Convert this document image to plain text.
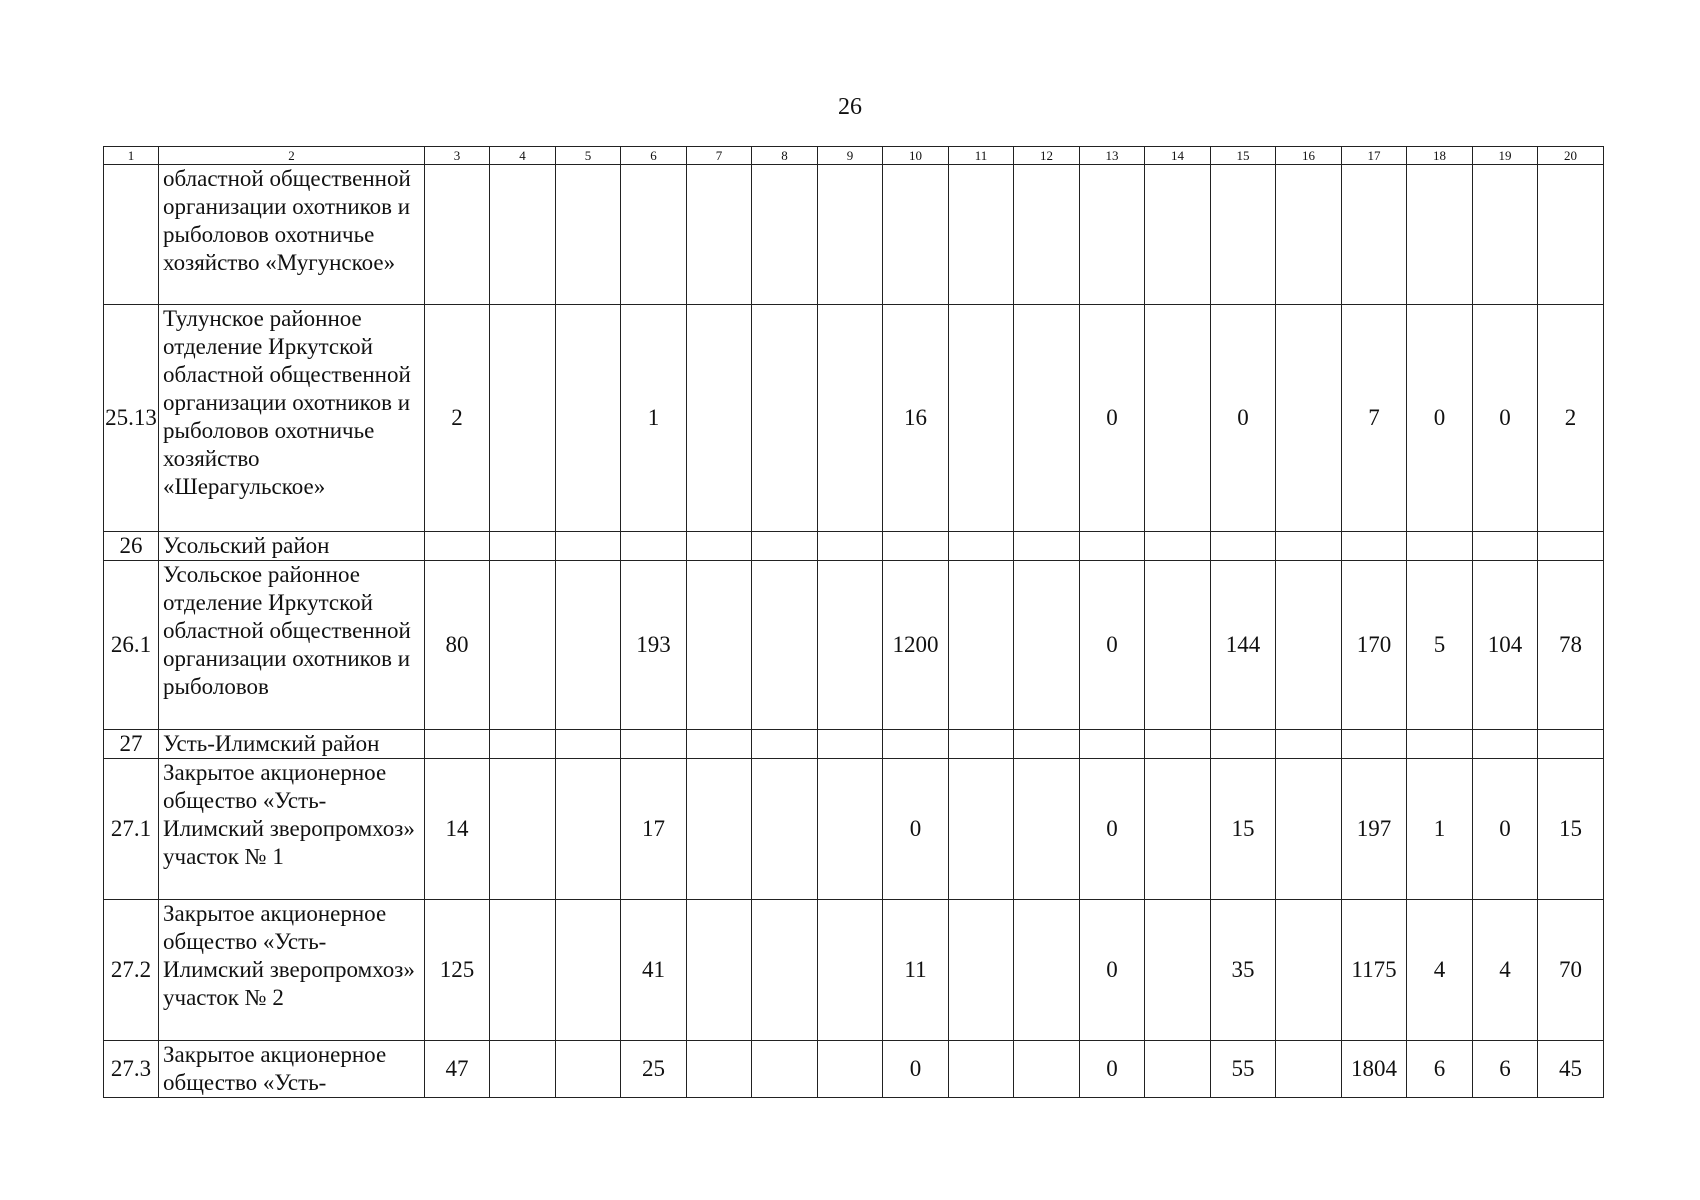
26
1	2	3	4	5	6	7	8	9	10	11	12	13	14	15	16	17	18	19	20
	областной общественной организации охотников и рыболовов охотничье хозяйство «Мугунское»																		
25.13	Тулунское районное отделение Иркутской областной общественной организации охотников и рыболовов охотничье хозяйство «Шерагульское»	2			1				16			0		0		7	0	0	2
26	Усольский район																		
26.1	Усольское районное отделение Иркутской областной общественной организации охотников и рыболовов	80			193				1200			0		144		170	5	104	78
27	Усть-Илимский район																		
27.1	Закрытое акционерное общество «Усть-Илимский зверопромхоз» участок № 1	14			17				0			0		15		197	1	0	15
27.2	Закрытое акционерное общество «Усть-Илимский зверопромхоз» участок № 2	125			41				11			0		35		1175	4	4	70
27.3	Закрытое акционерное общество «Усть-	47			25				0			0		55		1804	6	6	45
